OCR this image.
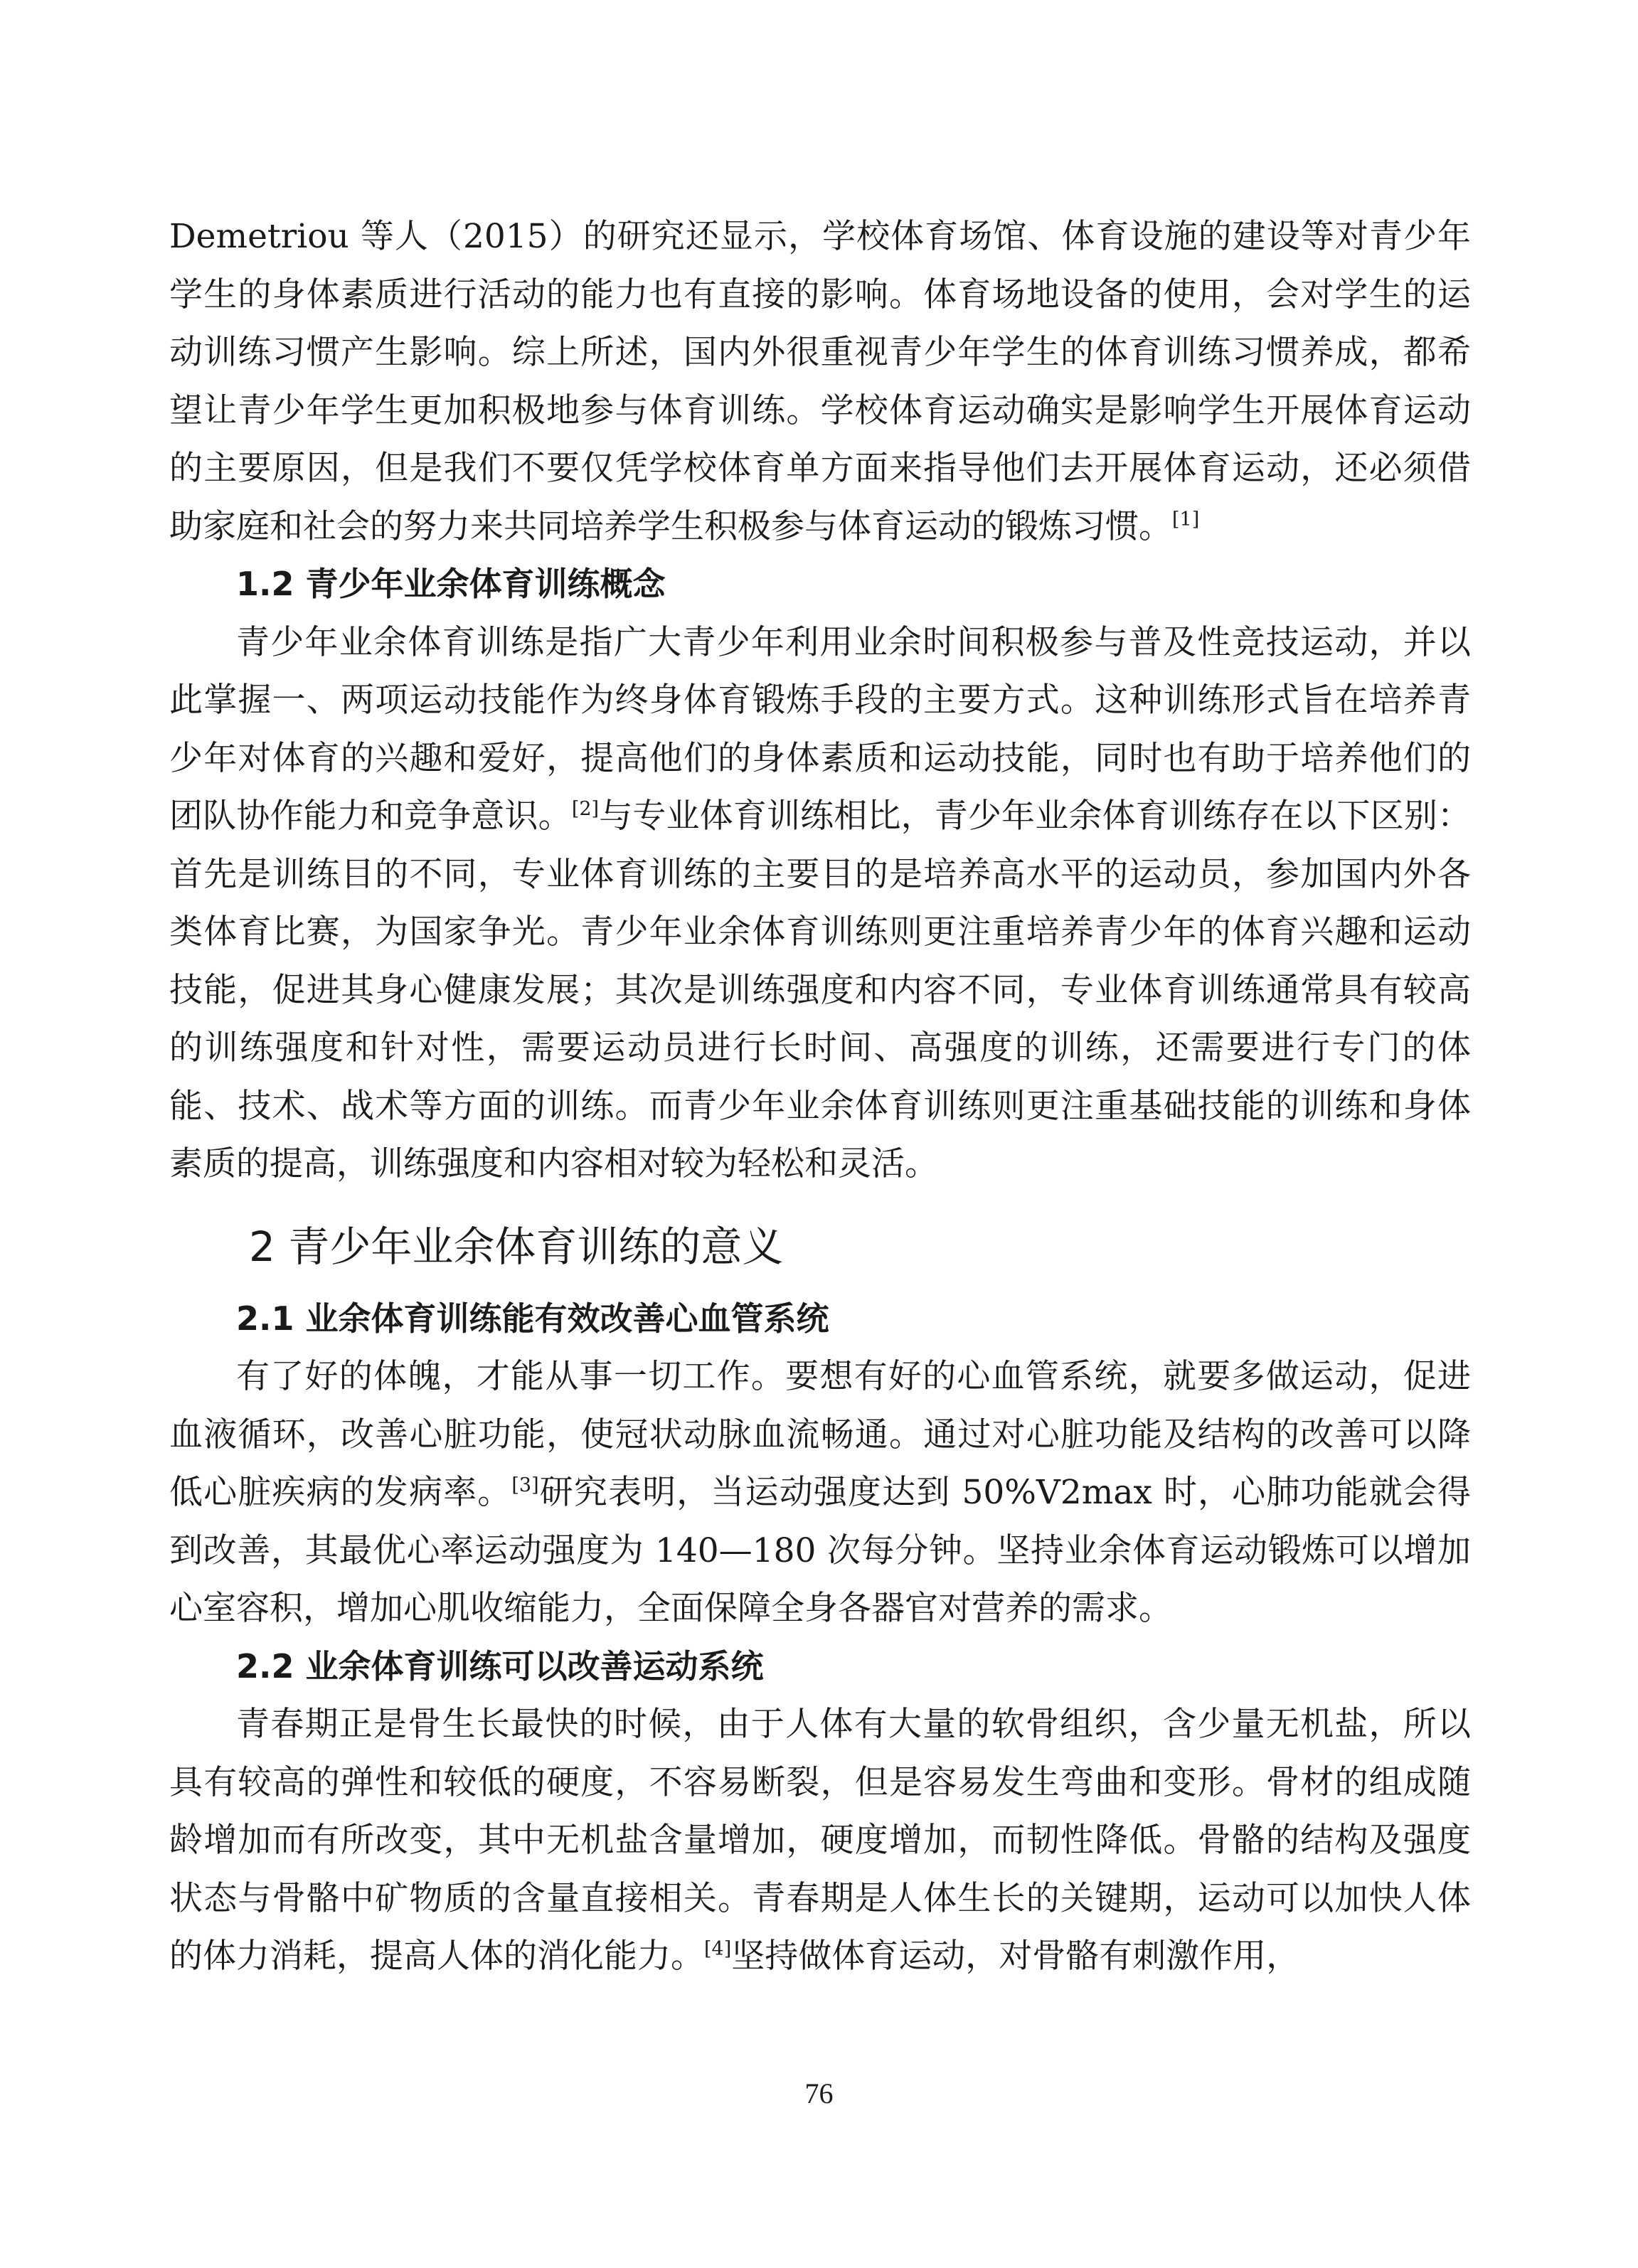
Demetriou 等人（2015）的研究还显示，学校体育场馆、体育设施的建设等对青少年学生的身体素质进行活动的能力也有直接的影响。体育场地设备的使用，会对学生的运动训练习惯产生影响。综上所述，国内外很重视青少年学生的体育训练习惯养成，都希望让青少年学生更加积极地参与体育训练。学校体育运动确实是影响学生开展体育运动的主要原因，但是我们不要仅凭学校体育单方面来指导他们去开展体育运动，还必须借助家庭和社会的努力来共同培养学生积极参与体育运动的锻炼习惯。[1]

1.2 青少年业余体育训练概念

青少年业余体育训练是指广大青少年利用业余时间积极参与普及性竞技运动，并以此掌握一、两项运动技能作为终身体育锻炼手段的主要方式。这种训练形式旨在培养青少年对体育的兴趣和爱好，提高他们的身体素质和运动技能，同时也有助于培养他们的团队协作能力和竞争意识。[2]与专业体育训练相比，青少年业余体育训练存在以下区别：首先是训练目的不同，专业体育训练的主要目的是培养高水平的运动员，参加国内外各类体育比赛，为国家争光。青少年业余体育训练则更注重培养青少年的体育兴趣和运动技能，促进其身心健康发展；其次是训练强度和内容不同，专业体育训练通常具有较高的训练强度和针对性，需要运动员进行长时间、高强度的训练，还需要进行专门的体能、技术、战术等方面的训练。而青少年业余体育训练则更注重基础技能的训练和身体素质的提高，训练强度和内容相对较为轻松和灵活。

2 青少年业余体育训练的意义
2.1 业余体育训练能有效改善心血管系统

有了好的体魄，才能从事一切工作。要想有好的心血管系统，就要多做运动，促进血液循环，改善心脏功能，使冠状动脉血流畅通。通过对心脏功能及结构的改善可以降低心脏疾病的发病率。[3]研究表明，当运动强度达到 50%V2max 时，心肺功能就会得到改善，其最优心率运动强度为 140—180 次每分钟。坚持业余体育运动锻炼可以增加心室容积，增加心肌收缩能力，全面保障全身各器官对营养的需求。

2.2 业余体育训练可以改善运动系统

青春期正是骨生长最快的时候，由于人体有大量的软骨组织，含少量无机盐，所以具有较高的弹性和较低的硬度，不容易断裂，但是容易发生弯曲和变形。骨材的组成随龄增加而有所改变，其中无机盐含量增加，硬度增加，而韧性降低。骨骼的结构及强度状态与骨骼中矿物质的含量直接相关。青春期是人体生长的关键期，运动可以加快人体的体力消耗，提高人体的消化能力。[4]坚持做体育运动，对骨骼有刺激作用，

76
